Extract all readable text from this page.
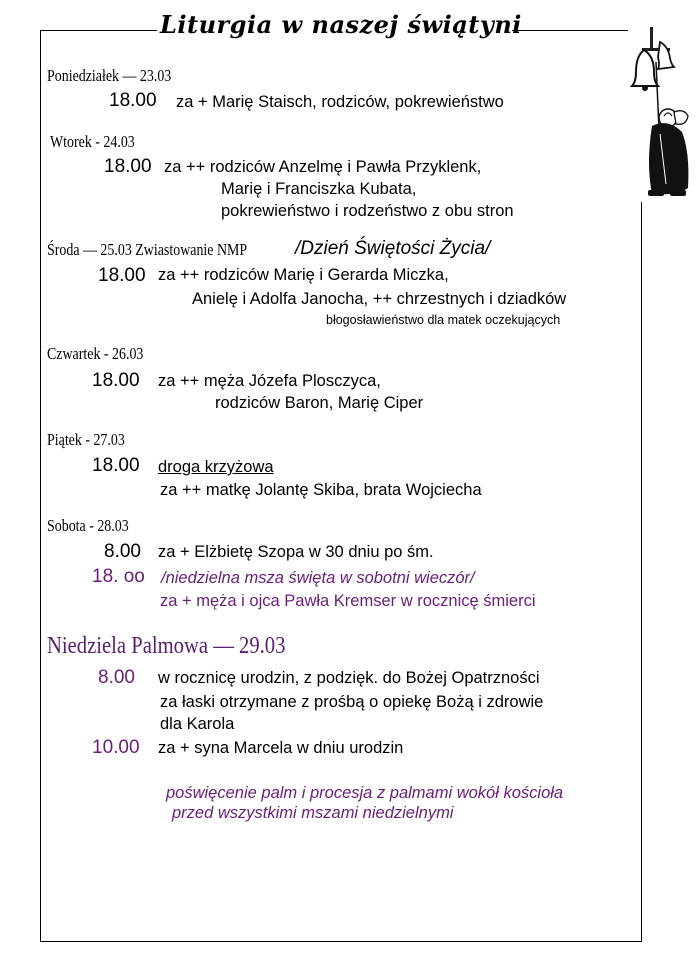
Liturgia w naszej świątyni
Poniedziałek — 23.03
18.00 za + Marię Staisch, rodziców, pokrewieństwo
Wtorek - 24.03
18.00 za ++ rodziców Anzelmę i Pawła Przyklenk,
Marię i Franciszka Kubata,
pokrewieństwo i rodzeństwo z obu stron
Środa — 25.03 Zwiastowanie NMP	/Dzień Świętości Życia/
18.00 za ++ rodziców Marię i Gerarda Miczka,
Anielę i Adolfa Janocha, ++ chrzestnych i dziadków
błogosławieństwo dla matek oczekujących
Czwartek - 26.03
18.00 za ++ męża Józefa Plosczyca,
rodziców Baron, Marię Ciper
Piątek - 27.03
18.00 droga krzyżowa
za ++ matkę Jolantę Skiba, brata Wojciecha
Sobota - 28.03
8.00 za + Elżbietę Szopa w 30 dniu po śm.
18. oo /niedzielna msza święta w sobotni wieczór/
za + męża i ojca Pawła Kremser w rocznicę śmierci
Niedziela Palmowa — 29.03
8.00 w rocznicę urodzin, z podzięk. do Bożej Opatrzności
za łaski otrzymane z prośbą o opiekę Bożą i zdrowie
dla Karola
10.00 za + syna Marcela w dniu urodzin
poświęcenie palm i procesja z palmami wokół kościoła
przed wszystkimi mszami niedzielnymi
